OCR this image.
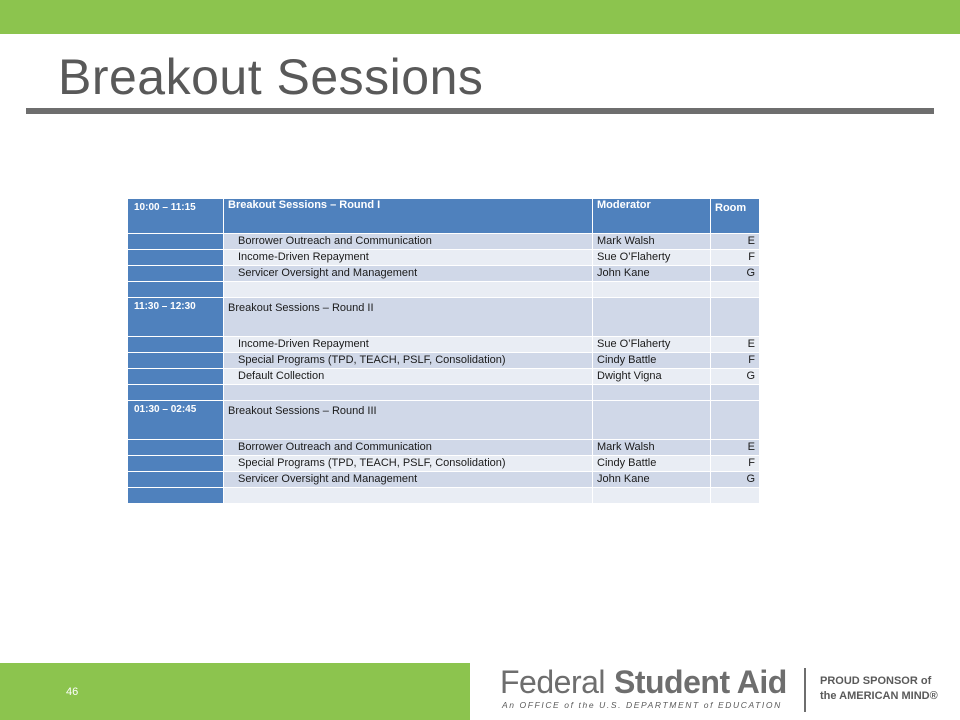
Breakout Sessions
10:00 – 11:15	Breakout Sessions – Round I	Moderator	Room
	Borrower Outreach and Communication	Mark Walsh	E
	Income-Driven Repayment	Sue O’Flaherty	F
	Servicer Oversight and Management	John Kane	G

11:30 – 12:30	Breakout Sessions – Round II		
	Income-Driven Repayment	Sue O’Flaherty	E
	Special Programs (TPD, TEACH, PSLF, Consolidation)	Cindy Battle	F
	Default Collection	Dwight Vigna	G

01:30 – 02:45	Breakout Sessions – Round III		
	Borrower Outreach and Communication	Mark Walsh	E
	Special Programs (TPD, TEACH, PSLF, Consolidation)	Cindy Battle	F
	Servicer Oversight and Management	John Kane	G

46	Federal Student Aid
An OFFICE of the U.S. DEPARTMENT of EDUCATION
PROUD SPONSOR of
the AMERICAN MIND®
